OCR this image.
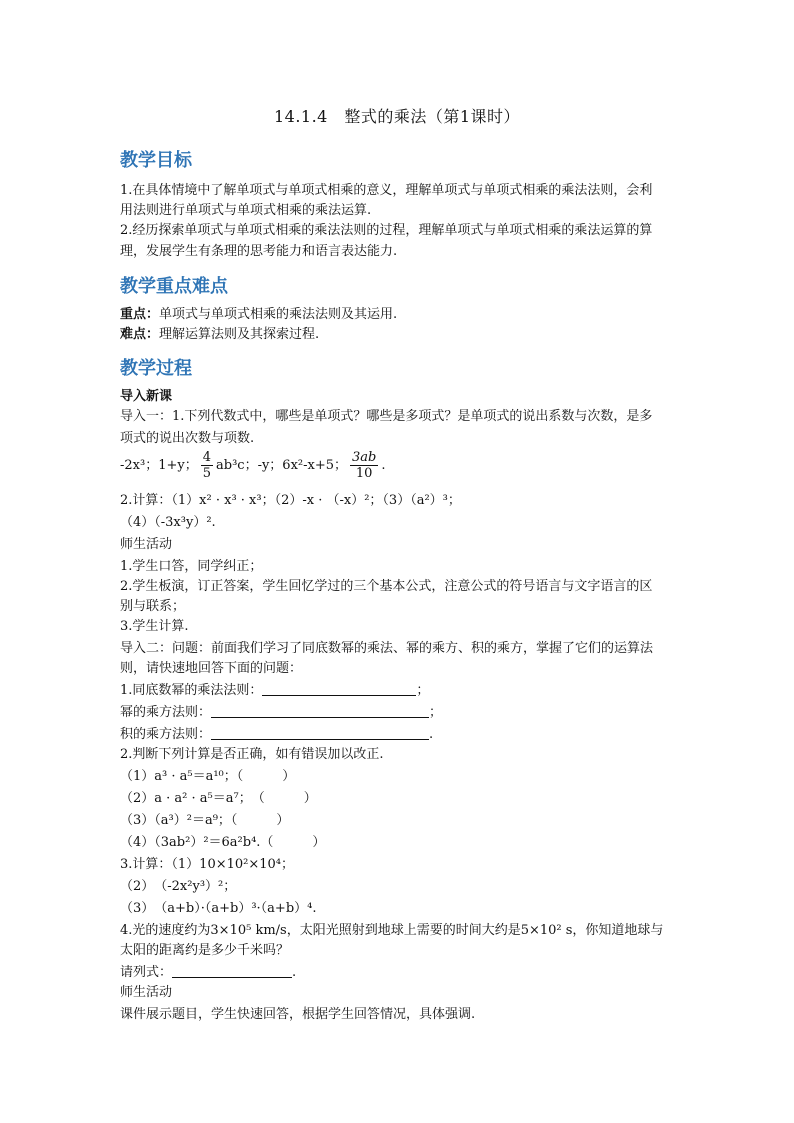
14.1.4　整式的乘法（第1课时）
教学目标
1.在具体情境中了解单项式与单项式相乘的意义，理解单项式与单项式相乘的乘法法则，会利
用法则进行单项式与单项式相乘的乘法运算.
2.经历探索单项式与单项式相乘的乘法法则的过程，理解单项式与单项式相乘的乘法运算的算
理，发展学生有条理的思考能力和语言表达能力.
教学重点难点
重点：单项式与单项式相乘的乘法法则及其运用.
难点：理解运算法则及其探索过程.
教学过程
导入新课
导入一：1.下列代数式中，哪些是单项式？哪些是多项式？是单项式的说出系数与次数，是多
项式的说出次数与项数.
-2x³；1+y； $\frac{4}{5} ab^3c$；-y；6x²-x+5； $\frac{3ab}{10}$ .
2.计算：（1）x² · x³ · x³；（2）-x · （-x）²；（3）（a²）³；
（4）（-3x³y）².
师生活动
1.学生口答，同学纠正；
2.学生板演，订正答案，学生回忆学过的三个基本公式，注意公式的符号语言与文字语言的区
别与联系；
3.学生计算.
导入二：问题：前面我们学习了同底数幂的乘法、幂的乘方、积的乘方，掌握了它们的运算法
则，请快速地回答下面的问题：
1.同底数幂的乘法法则：	；
幂的乘方法则：	；
积的乘方法则：	.
2.判断下列计算是否正确，如有错误加以改正.
（1）a³ · a⁵＝a¹⁰；（　　　）
（2）a · a² · a⁵＝a⁷；　（　　　）
（3）（a³）²＝a⁹；（　　　）
（4）（3ab²）²＝6a²b⁴.（　　　）
3.计算：（1）10×10²×10⁴；
（2）　（-2x²y³）²；
（3）　（a+b）·（a+b）³·（a+b）⁴.
4.光的速度约为3×10⁵ km/s，太阳光照射到地球上需要的时间大约是5×10² s，你知道地球与
太阳的距离约是多少千米吗？
请列式：	.
师生活动
课件展示题目，学生快速回答，根据学生回答情况，具体强调.
